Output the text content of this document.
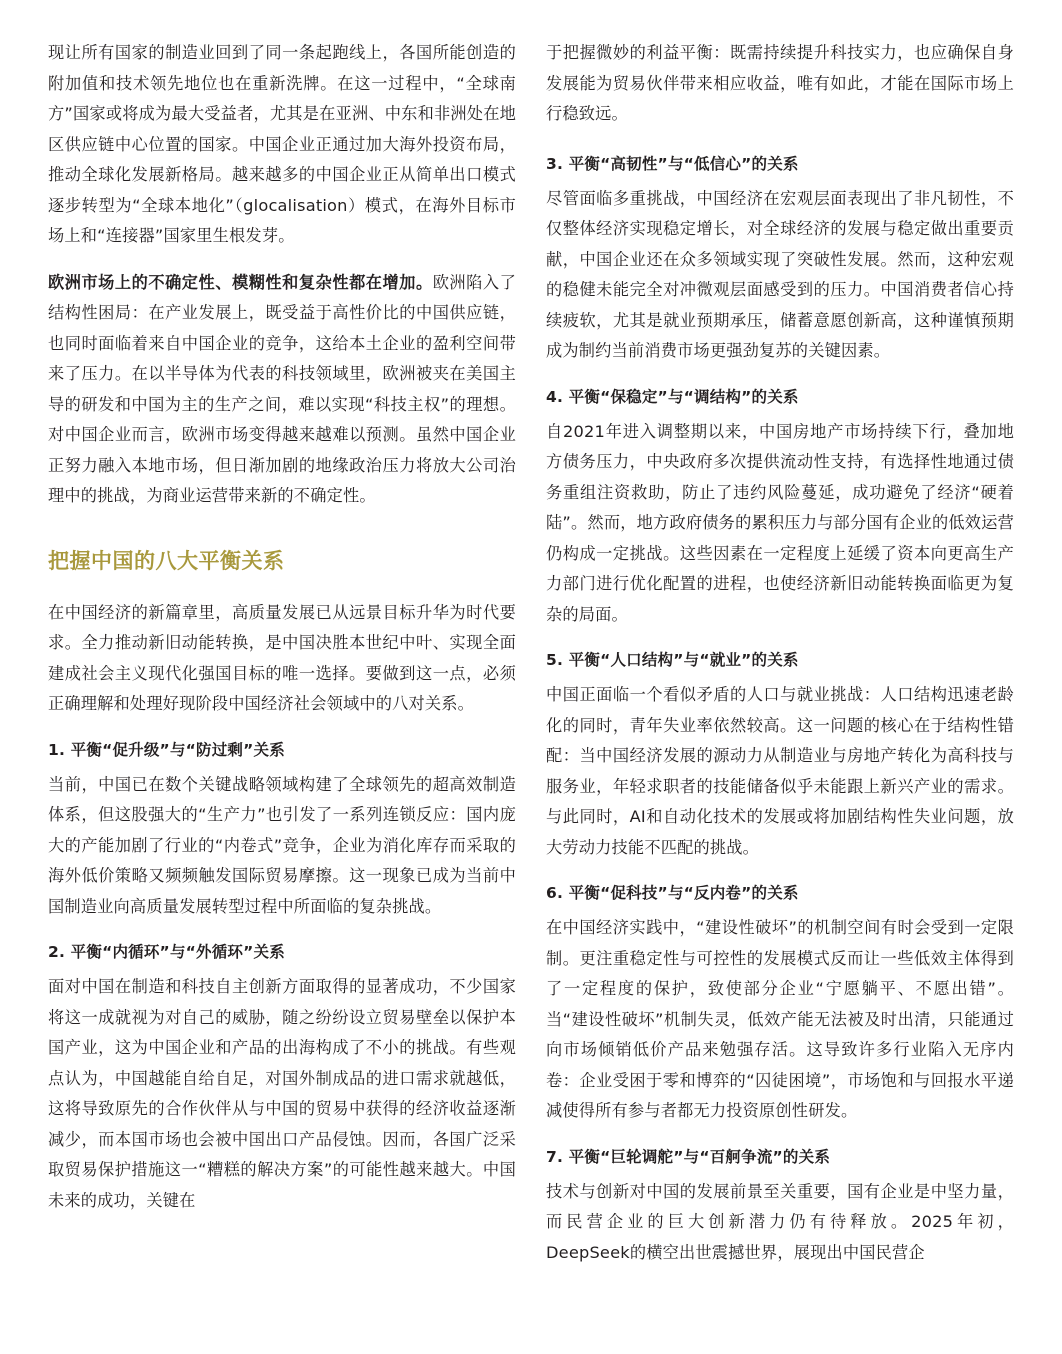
现让所有国家的制造业回到了同一条起跑线上，各国所能创造的附加值和技术领先地位也在重新洗牌。在这一过程中，“全球南方”国家或将成为最大受益者，尤其是在亚洲、中东和非洲处在地区供应链中心位置的国家。中国企业正通过加大海外投资布局，推动全球化发展新格局。越来越多的中国企业正从简单出口模式逐步转型为“全球本地化”（glocalisation）模式，在海外目标市场上和“连接器”国家里生根发芽。

欧洲市场上的不确定性、模糊性和复杂性都在增加。欧洲陷入了结构性困局：在产业发展上，既受益于高性价比的中国供应链，也同时面临着来自中国企业的竞争，这给本土企业的盈利空间带来了压力。在以半导体为代表的科技领域里，欧洲被夹在美国主导的研发和中国为主的生产之间，难以实现“科技主权”的理想。对中国企业而言，欧洲市场变得越来越难以预测。虽然中国企业正努力融入本地市场，但日渐加剧的地缘政治压力将放大公司治理中的挑战，为商业运营带来新的不确定性。

把握中国的八大平衡关系

在中国经济的新篇章里，高质量发展已从远景目标升华为时代要求。全力推动新旧动能转换，是中国决胜本世纪中叶、实现全面建成社会主义现代化强国目标的唯一选择。要做到这一点，必须正确理解和处理好现阶段中国经济社会领域中的八对关系。

1. 平衡“促升级”与“防过剩”关系

当前，中国已在数个关键战略领域构建了全球领先的超高效制造体系，但这股强大的“生产力”也引发了一系列连锁反应：国内庞大的产能加剧了行业的“内卷式”竞争，企业为消化库存而采取的海外低价策略又频频触发国际贸易摩擦。这一现象已成为当前中国制造业向高质量发展转型过程中所面临的复杂挑战。

2. 平衡“内循环”与“外循环”关系

面对中国在制造和科技自主创新方面取得的显著成功，不少国家将这一成就视为对自己的威胁，随之纷纷设立贸易壁垒以保护本国产业，这为中国企业和产品的出海构成了不小的挑战。有些观点认为，中国越能自给自足，对国外制成品的进口需求就越低，这将导致原先的合作伙伴从与中国的贸易中获得的经济收益逐渐减少，而本国市场也会被中国出口产品侵蚀。因而，各国广泛采取贸易保护措施这一“糟糕的解决方案”的可能性越来越大。中国未来的成功，关键在

于把握微妙的利益平衡：既需持续提升科技实力，也应确保自身发展能为贸易伙伴带来相应收益，唯有如此，才能在国际市场上行稳致远。

3. 平衡“高韧性”与“低信心”的关系

尽管面临多重挑战，中国经济在宏观层面表现出了非凡韧性，不仅整体经济实现稳定增长，对全球经济的发展与稳定做出重要贡献，中国企业还在众多领域实现了突破性发展。然而，这种宏观的稳健未能完全对冲微观层面感受到的压力。中国消费者信心持续疲软，尤其是就业预期承压，储蓄意愿创新高，这种谨慎预期成为制约当前消费市场更强劲复苏的关键因素。

4. 平衡“保稳定”与“调结构”的关系

自2021年进入调整期以来，中国房地产市场持续下行，叠加地方债务压力，中央政府多次提供流动性支持，有选择性地通过债务重组注资救助，防止了违约风险蔓延，成功避免了经济“硬着陆”。然而，地方政府债务的累积压力与部分国有企业的低效运营仍构成一定挑战。这些因素在一定程度上延缓了资本向更高生产力部门进行优化配置的进程，也使经济新旧动能转换面临更为复杂的局面。

5. 平衡“人口结构”与“就业”的关系

中国正面临一个看似矛盾的人口与就业挑战：人口结构迅速老龄化的同时，青年失业率依然较高。这一问题的核心在于结构性错配：当中国经济发展的源动力从制造业与房地产转化为高科技与服务业，年轻求职者的技能储备似乎未能跟上新兴产业的需求。与此同时，AI和自动化技术的发展或将加剧结构性失业问题，放大劳动力技能不匹配的挑战。

6. 平衡“促科技”与“反内卷”的关系

在中国经济实践中，“建设性破坏”的机制空间有时会受到一定限制。更注重稳定性与可控性的发展模式反而让一些低效主体得到了一定程度的保护，致使部分企业“宁愿躺平、不愿出错”。当“建设性破坏”机制失灵，低效产能无法被及时出清，只能通过向市场倾销低价产品来勉强存活。这导致许多行业陷入无序内卷：企业受困于零和博弈的“囚徒困境”，市场饱和与回报水平递减使得所有参与者都无力投资原创性研发。

7. 平衡“巨轮调舵”与“百舸争流”的关系

技术与创新对中国的发展前景至关重要，国有企业是中坚力量，而民营企业的巨大创新潜力仍有待释放。2025年初，DeepSeek的横空出世震撼世界，展现出中国民营企
